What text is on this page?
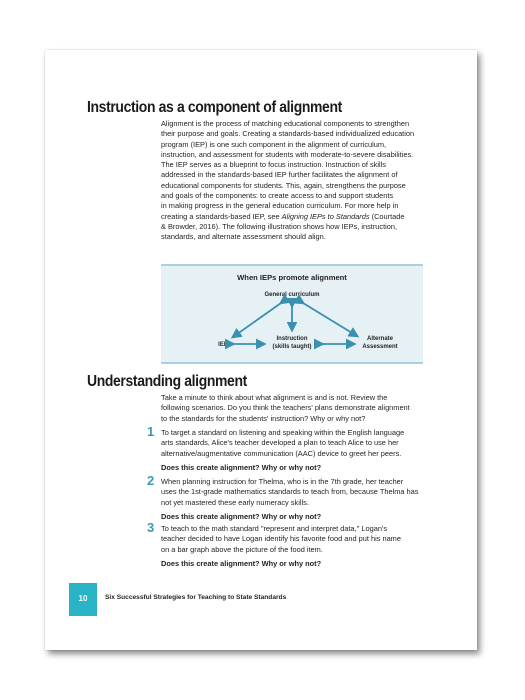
Instruction as a component of alignment
Alignment is the process of matching educational components to strengthen
their purpose and goals. Creating a standards-based individualized education
program (IEP) is one such component in the alignment of curriculum,
instruction, and assessment for students with moderate-to-severe disabilities.
The IEP serves as a blueprint to focus instruction. Instruction of skills
addressed in the standards-based IEP further facilitates the alignment of
educational components for students. This, again, strengthens the purpose
and goals of the components: to create access to and support students
in making progress in the general education curriculum. For more help in
creating a standards-based IEP, see Aligning IEPs to Standards (Courtade
& Browder, 2016). The following illustration shows how IEPs, instruction,
standards, and alternate assessment should align.
When IEPs promote alignment
General curriculum
IEP
Instruction
(skills taught)
Alternate
Assessment
Understanding alignment
Take a minute to think about what alignment is and is not. Review the
following scenarios. Do you think the teachers' plans demonstrate alignment
to the standards for the students' instruction? Why or why not?
1 To target a standard on listening and speaking within the English language
arts standards, Alice's teacher developed a plan to teach Alice to use her
alternative/augmentative communication (AAC) device to greet her peers.
Does this create alignment? Why or why not?
2 When planning instruction for Thelma, who is in the 7th grade, her teacher
uses the 1st-grade mathematics standards to teach from, because Thelma has
not yet mastered these early numeracy skills.
Does this create alignment? Why or why not?
3 To teach to the math standard "represent and interpret data," Logan's
teacher decided to have Logan identify his favorite food and put his name
on a bar graph above the picture of the food item.
Does this create alignment? Why or why not?
10	Six Successful Strategies for Teaching to State Standards
